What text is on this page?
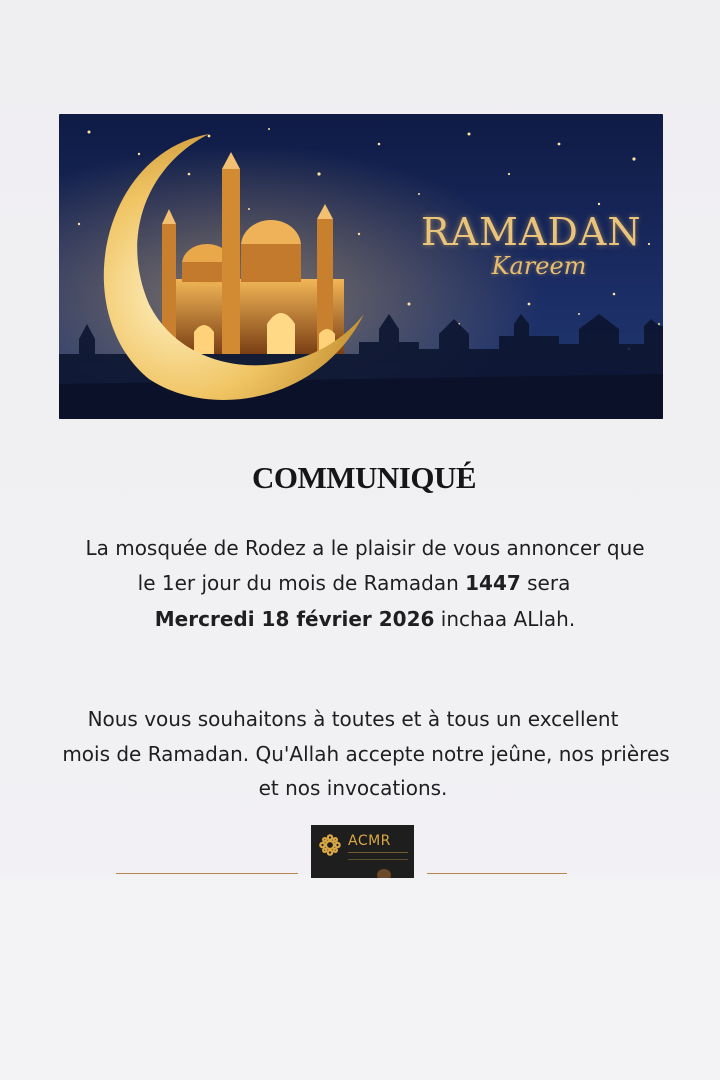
RAMADAN
Kareem
COMMUNIQUÉ
La mosquée de Rodez a le plaisir de vous annoncer que
le 1er jour du mois de Ramadan 1447 sera
Mercredi 18 février 2026 inchaa ALlah.
Nous vous souhaitons à toutes et à tous un excellent
mois de Ramadan. Qu'Allah accepte notre jeûne, nos prières
et nos invocations.
ACMR
